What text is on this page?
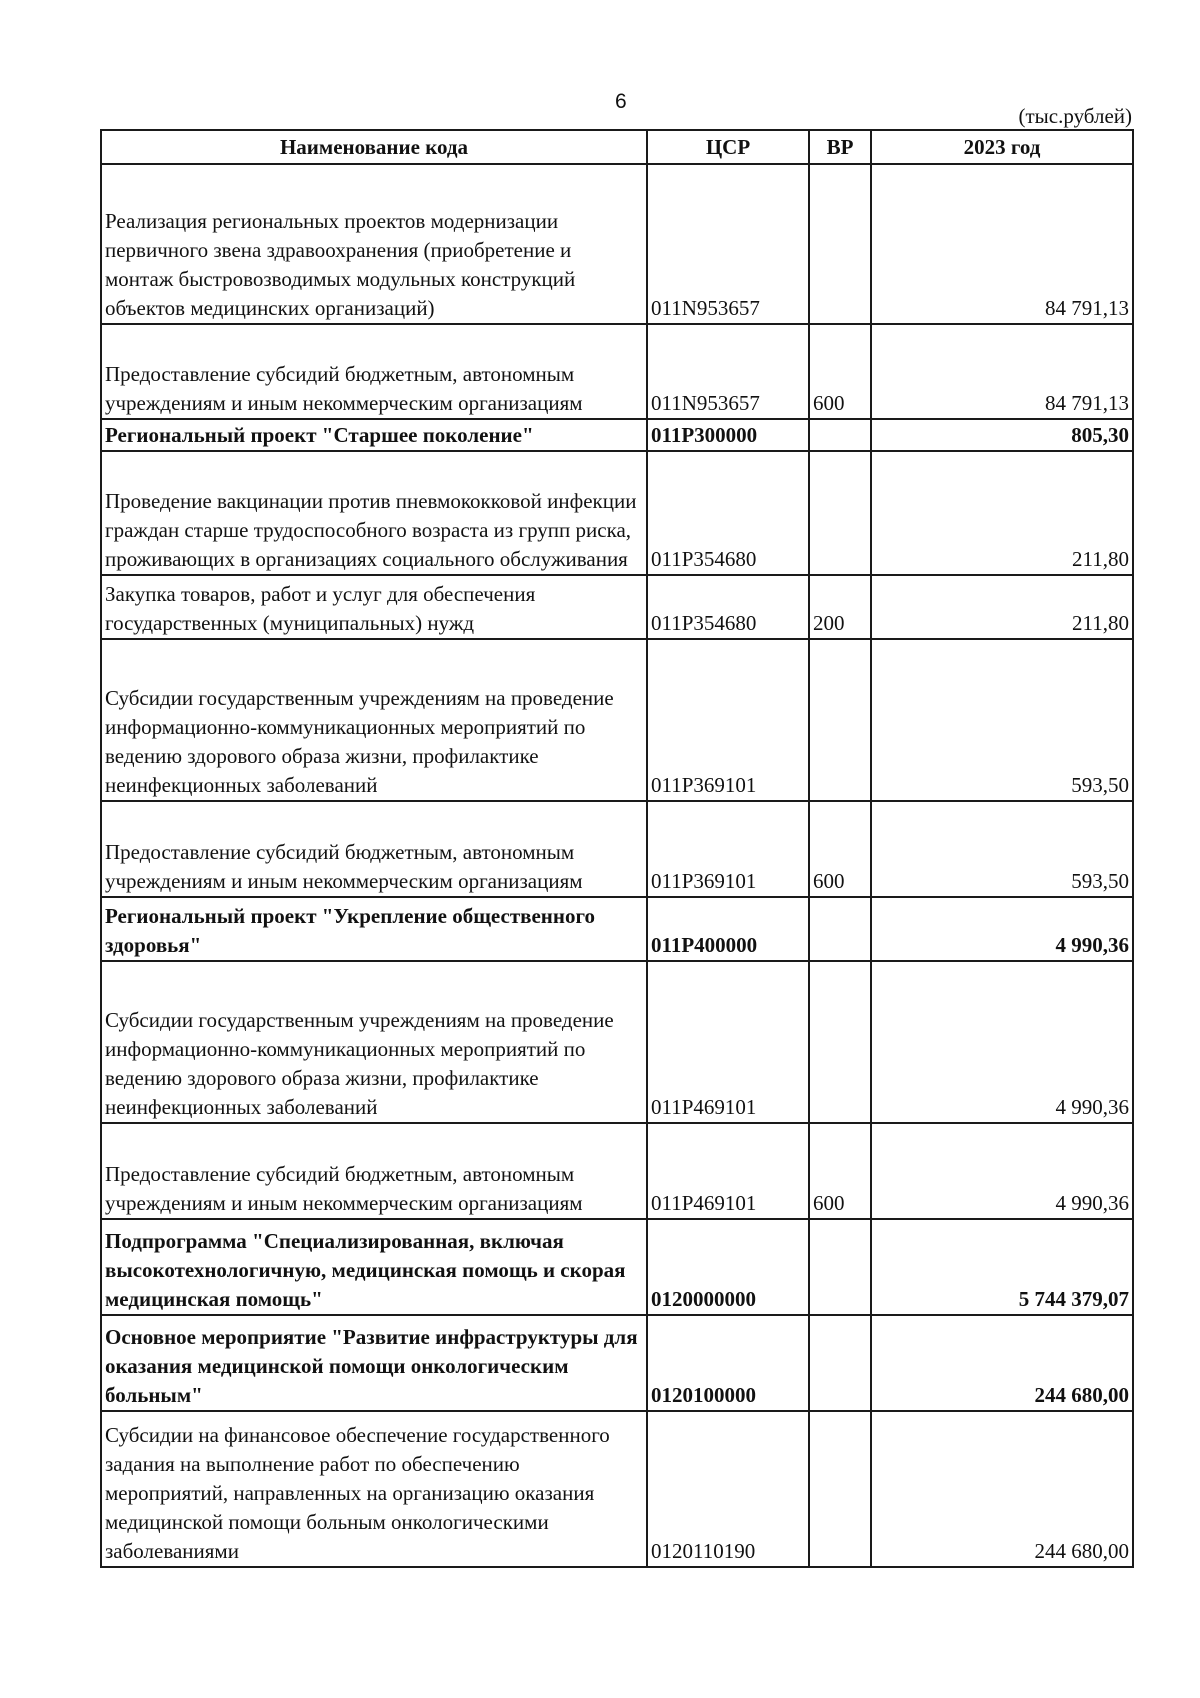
6
(тыс.рублей)
Наименование кода	ЦСР	ВР	2023 год
Реализация региональных проектов модернизации первичного звена здравоохранения (приобретение и монтаж быстровозводимых модульных конструкций объектов медицинских организаций)	011N953657		84 791,13
Предоставление субсидий бюджетным, автономным учреждениям и иным некоммерческим организациям	011N953657	600	84 791,13
Региональный проект "Старшее поколение"	011P300000		805,30
Проведение вакцинации против пневмококковой инфекции граждан старше трудоспособного возраста из групп риска, проживающих в организациях социального обслуживания	011P354680		211,80
Закупка товаров, работ и услуг для обеспечения государственных (муниципальных) нужд	011P354680	200	211,80
Субсидии государственным учреждениям на проведение информационно-коммуникационных мероприятий по ведению здорового образа жизни, профилактике неинфекционных заболеваний	011P369101		593,50
Предоставление субсидий бюджетным, автономным учреждениям и иным некоммерческим организациям	011P369101	600	593,50
Региональный проект "Укрепление общественного здоровья"	011P400000		4 990,36
Субсидии государственным учреждениям на проведение информационно-коммуникационных мероприятий по ведению здорового образа жизни, профилактике неинфекционных заболеваний	011P469101		4 990,36
Предоставление субсидий бюджетным, автономным учреждениям и иным некоммерческим организациям	011P469101	600	4 990,36
Подпрограмма "Специализированная, включая высокотехнологичную, медицинская помощь и скорая медицинская помощь"	0120000000		5 744 379,07
Основное мероприятие "Развитие инфраструктуры для оказания медицинской помощи онкологическим больным"	0120100000		244 680,00
Субсидии на финансовое обеспечение государственного задания на выполнение работ по обеспечению мероприятий, направленных на организацию оказания медицинской помощи больным онкологическими заболеваниями	0120110190		244 680,00
